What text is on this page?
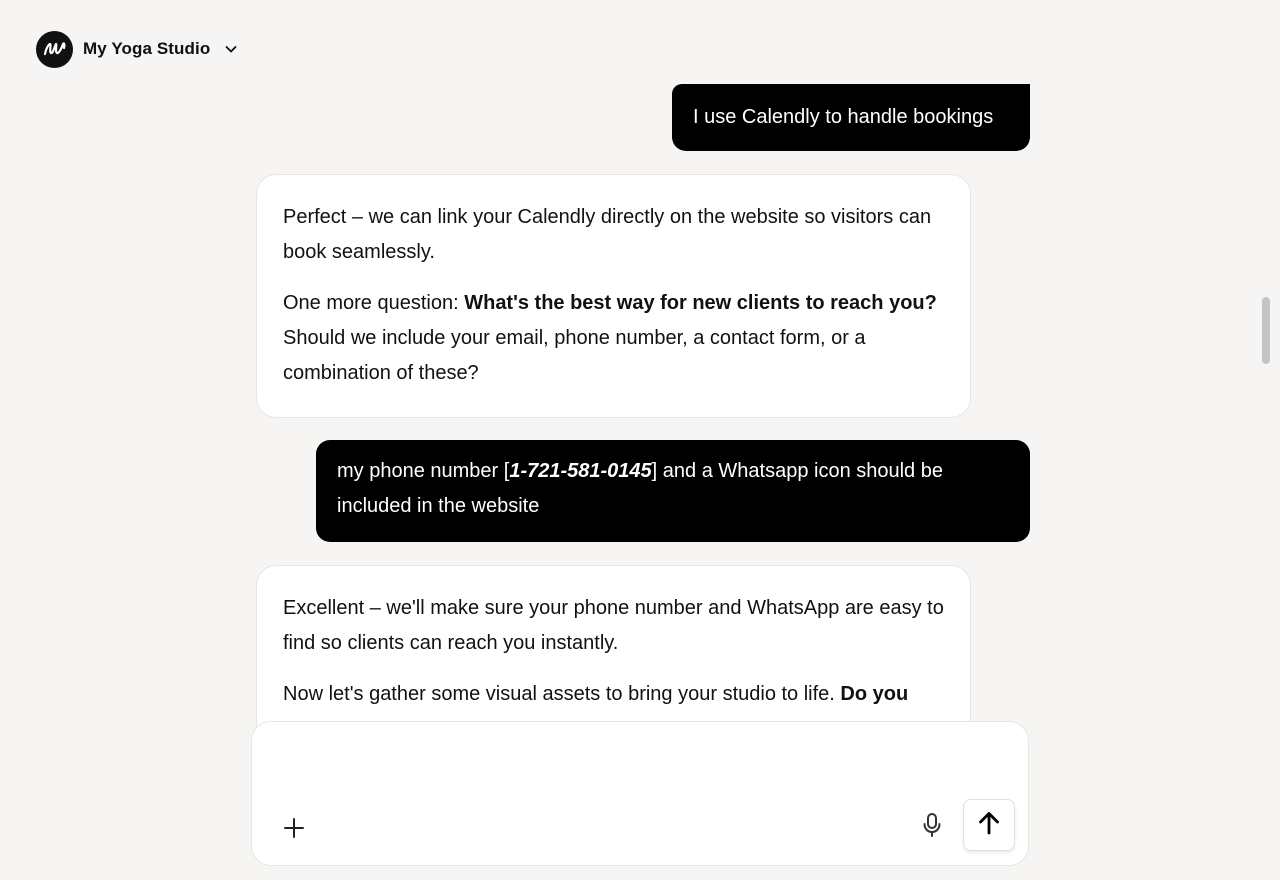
My Yoga Studio
I use Calendly to handle bookings

Perfect – we can link your Calendly directly on the website so visitors can book seamlessly.

One more question: What's the best way for new clients to reach you? Should we include your email, phone number, a contact form, or a combination of these?

my phone number [1-721-581-0145] and a Whatsapp icon should be included in the website

Excellent – we'll make sure your phone number and WhatsApp are easy to find so clients can reach you instantly.

Now let's gather some visual assets to bring your studio to life. Do you
